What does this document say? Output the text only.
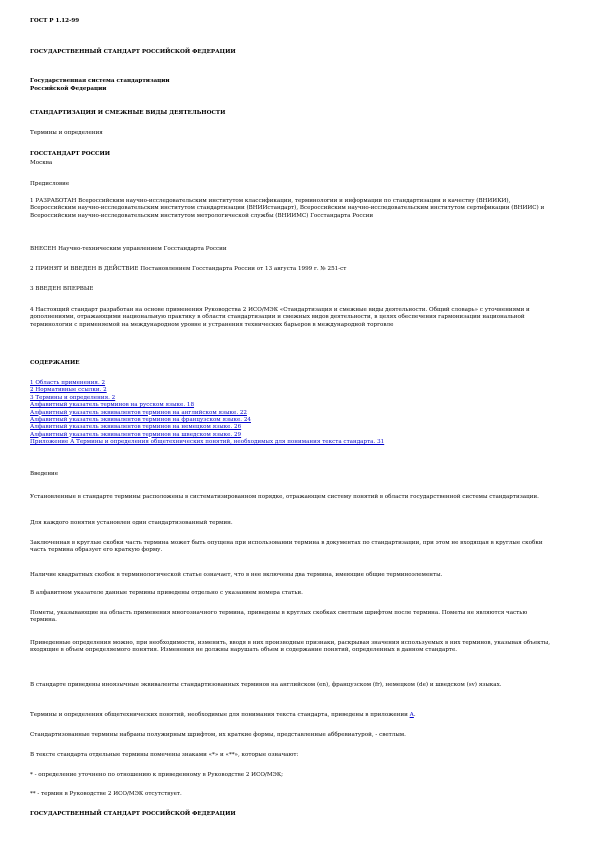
ГОСТ Р 1.12-99

ГОСУДАРСТВЕННЫЙ СТАНДАРТ РОССИЙСКОЙ ФЕДЕРАЦИИ

Государственная система стандартизации

Российской Федерации

СТАНДАРТИЗАЦИЯ И СМЕЖНЫЕ ВИДЫ ДЕЯТЕЛЬНОСТИ

Термины и определения

ГОССТАНДАРТ РОССИИ

Москва

Предисловие

1 РАЗРАБОТАН Всероссийским научно-исследовательским институтом классификации, терминологии и информации по стандартизации и качеству (ВНИИКИ), Всероссийским научно-исследовательским институтом стандартизации (ВНИИстандарт), Всероссийским научно-исследовательским институтом сертификации (ВНИИС) и Всероссийским научно-исследовательским институтом метрологической службы (ВНИИМС) Госстандарта России

ВНЕСЕН Научно-техническим управлением Госстандарта России

2 ПРИНЯТ И ВВЕДЕН В ДЕЙСТВИЕ Постановлением Госстандарта России от 13 августа 1999 г. № 251-ст

3 ВВЕДЕН ВПЕРВЫЕ

4 Настоящий стандарт разработан на основе применения Руководства 2 ИСО/МЭК «Стандартизация и смежные виды деятельности. Общий словарь» с уточнениями и дополнениями, отражающими национальную практику в области стандартизации и смежных видов деятельности, в целях обеспечения гармонизации национальной терминологии с применяемой на международном уровне и устранения технических барьеров в международной торговле

СОДЕРЖАНИЕ

1 Область применения. 2
2 Нормативные ссылки. 2
3 Термины и определения. 2
Алфавитный указатель терминов на русском языке. 18
Алфавитный указатель эквивалентов терминов на английском языке. 22
Алфавитный указатель эквивалентов терминов на французском языке. 24
Алфавитный указатель эквивалентов терминов на немецком языке. 26
Алфавитный указатель эквивалентов терминов на шведском языке. 29
Приложение А Термины и определения общетехнических понятий, необходимых для понимания текста стандарта. 31

Введение

Установленные в стандарте термины расположены в систематизированном порядке, отражающем систему понятий в области государственной системы стандартизации.

Для каждого понятия установлен один стандартизованный термин.

Заключенная в круглые скобки часть термина может быть опущена при использовании термина в документах по стандартизации, при этом не входящая в круглые скобки часть термина образует его краткую форму.

Наличие квадратных скобок в терминологической статье означает, что в нее включены два термина, имеющие общие терминоэлементы.

В алфавитном указателе данные термины приведены отдельно с указанием номера статьи.

Пометы, указывающие на область применения многозначного термина, приведены в круглых скобках светлым шрифтом после термина. Пометы не являются частью термина.

Приведенные определения можно, при необходимости, изменить, вводя в них производные признаки, раскрывая значения используемых в них терминов, указывая объекты, входящие в объем определяемого понятия. Изменения не должны нарушать объем и содержание понятий, определенных в данном стандарте.

В стандарте приведены иноязычные эквиваленты стандартизованных терминов на английском (en), французском (fr), немецком (de) и шведском (sv) языках.

Термины и определения общетехнических понятий, необходимые для понимания текста стандарта, приведены в приложении А.

Стандартизованные термины набраны полужирным шрифтом, их краткие формы, представленные аббревиатурой, - светлым.

В тексте стандарта отдельные термины помечены знаками «*» и «**», которые означают:

* - определение уточнено по отношению к приведенному в Руководстве 2 ИСО/МЭК;

** - термин в Руководстве 2 ИСО/МЭК отсутствует.

ГОСУДАРСТВЕННЫЙ СТАНДАРТ РОССИЙСКОЙ ФЕДЕРАЦИИ
